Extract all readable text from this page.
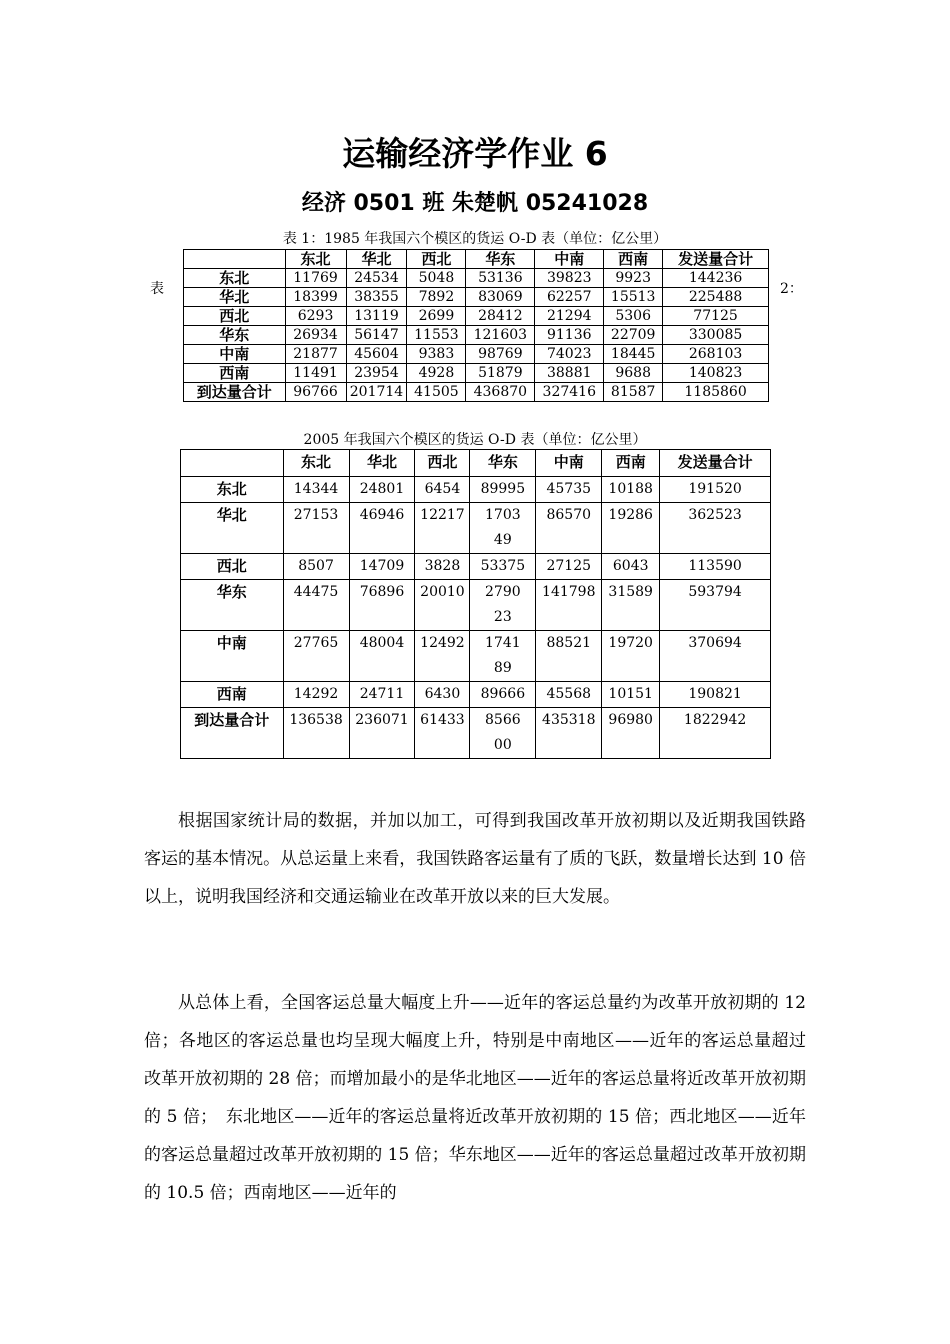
运输经济学作业 6
经济 0501 班 朱楚帆 05241028
表 1：1985 年我国六个模区的货运 O-D 表（单位：亿公里）
表	2：
	东北	华北	西北	华东	中南	西南	发送量合计
东北	11769	24534	5048	53136	39823	9923	144236
华北	18399	38355	7892	83069	62257	15513	225488
西北	6293	13119	2699	28412	21294	5306	77125
华东	26934	56147	11553	121603	91136	22709	330085
中南	21877	45604	9383	98769	74023	18445	268103
西南	11491	23954	4928	51879	38881	9688	140823
到达量合计	96766	201714	41505	436870	327416	81587	1185860
2005 年我国六个模区的货运 O-D 表（单位：亿公里）
	东北	华北	西北	华东	中南	西南	发送量合计
东北	14344	24801	6454	89995	45735	10188	191520
华北	27153	46946	12217	170349	86570	19286	362523
西北	8507	14709	3828	53375	27125	6043	113590
华东	44475	76896	20010	279023	141798	31589	593794
中南	27765	48004	12492	174189	88521	19720	370694
西南	14292	24711	6430	89666	45568	10151	190821
到达量合计	136538	236071	61433	856600	435318	96980	1822942

根据国家统计局的数据，并加以加工，可得到我国改革开放初期以及近期我国铁路客运的基本情况。从总运量上来看，我国铁路客运量有了质的飞跃，数量增长达到 10 倍以上，说明我国经济和交通运输业在改革开放以来的巨大发展。

从总体上看，全国客运总量大幅度上升——近年的客运总量约为改革开放初期的 12 倍；各地区的客运总量也均呈现大幅度上升，特别是中南地区——近年的客运总量超过改革开放初期的 28 倍；而增加最小的是华北地区——近年的客运总量将近改革开放初期的 5 倍；　东北地区——近年的客运总量将近改革开放初期的 15 倍；西北地区——近年的客运总量超过改革开放初期的 15 倍；华东地区——近年的客运总量超过改革开放初期的 10.5 倍；西南地区——近年的
